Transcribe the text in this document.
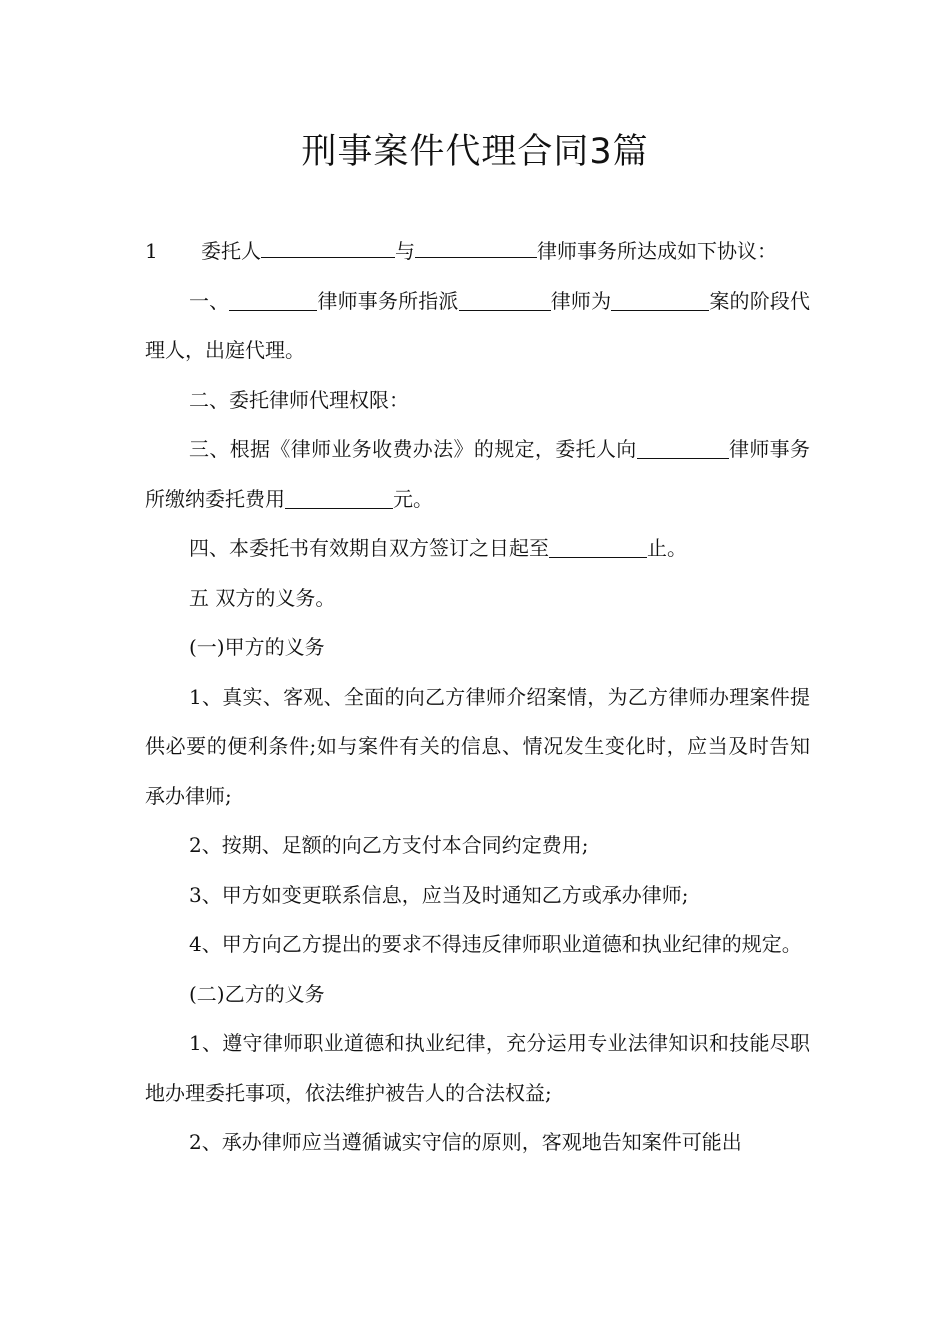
刑事案件代理合同3篇

1	委托人	与	律师事务所达成如下协议：

一、	律师事务所指派	律师为	案的阶段代理人，出庭代理。

二、委托律师代理权限：

三、根据《律师业务收费办法》的规定，委托人向	律师事务所缴纳委托费用	元。

四、本委托书有效期自双方签订之日起至	止。

五 双方的义务。

(一)甲方的义务

1、真实、客观、全面的向乙方律师介绍案情，为乙方律师办理案件提供必要的便利条件;如与案件有关的信息、情况发生变化时，应当及时告知承办律师;

2、按期、足额的向乙方支付本合同约定费用;

3、甲方如变更联系信息，应当及时通知乙方或承办律师;

4、甲方向乙方提出的要求不得违反律师职业道德和执业纪律的规定。

(二)乙方的义务

1、遵守律师职业道德和执业纪律，充分运用专业法律知识和技能尽职地办理委托事项，依法维护被告人的合法权益;

2、承办律师应当遵循诚实守信的原则，客观地告知案件可能出
